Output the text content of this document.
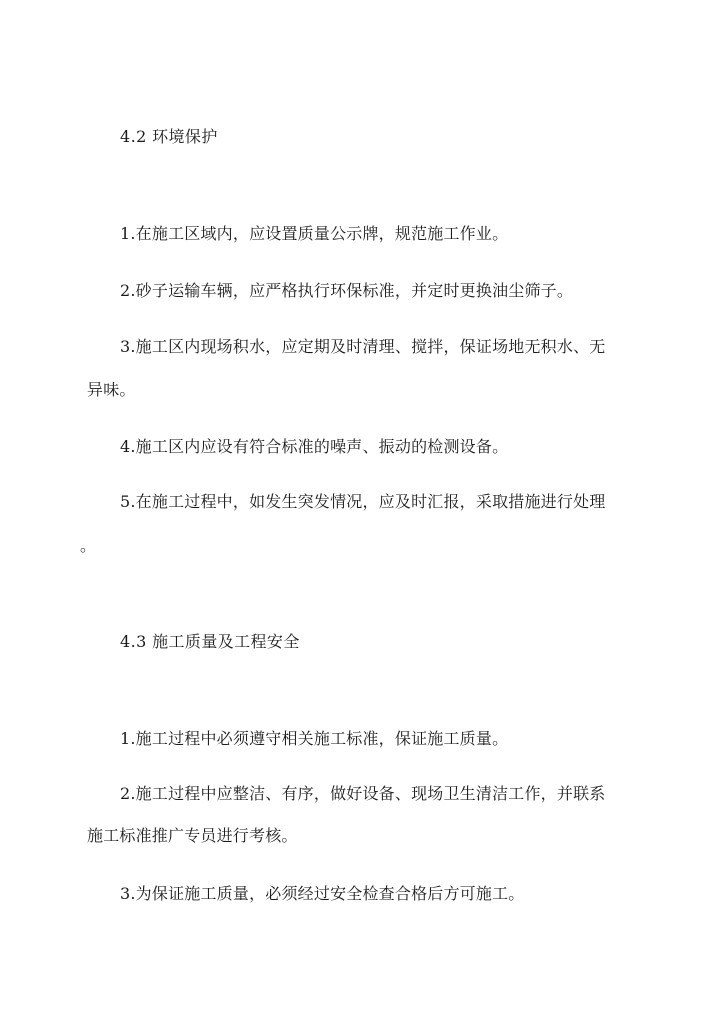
4.2 环境保护
1.在施工区域内，应设置质量公示牌，规范施工作业。
2.砂子运输车辆，应严格执行环保标准，并定时更换油尘筛子。
3.施工区内现场积水，应定期及时清理、搅拌，保证场地无积水、无
异味。
4.施工区内应设有符合标准的噪声、振动的检测设备。
5.在施工过程中，如发生突发情况，应及时汇报，采取措施进行处理
。
4.3 施工质量及工程安全
1.施工过程中必须遵守相关施工标准，保证施工质量。
2.施工过程中应整洁、有序，做好设备、现场卫生清洁工作，并联系
施工标准推广专员进行考核。
3.为保证施工质量，必须经过安全检查合格后方可施工。
